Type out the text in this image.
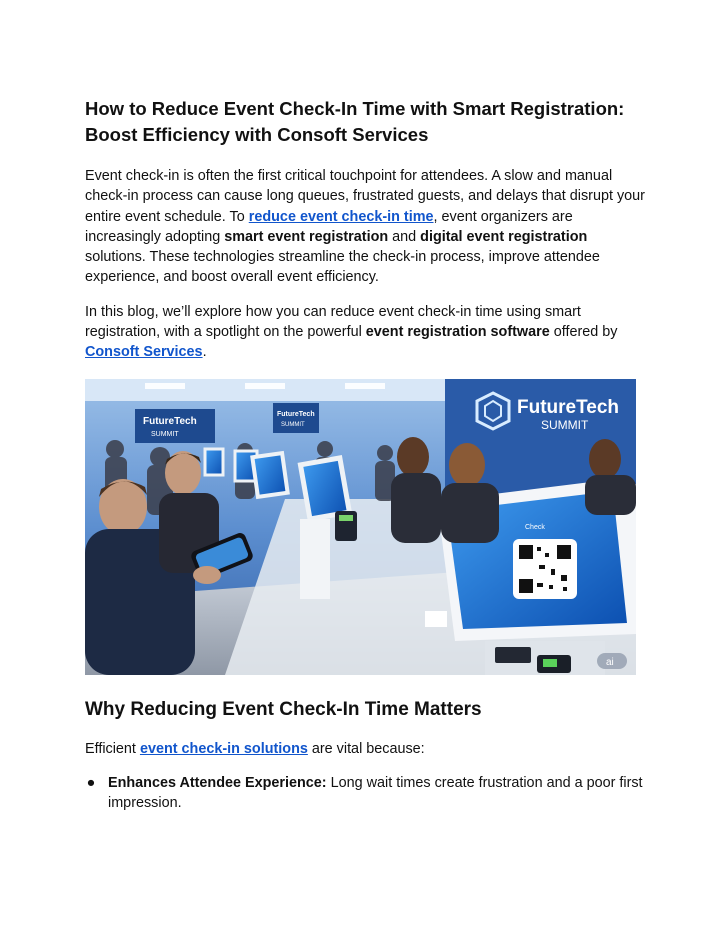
How to Reduce Event Check-In Time with Smart Registration: Boost Efficiency with Consoft Services

Event check-in is often the first critical touchpoint for attendees. A slow and manual check-in process can cause long queues, frustrated guests, and delays that disrupt your entire event schedule. To reduce event check-in time, event organizers are increasingly adopting smart event registration and digital event registration solutions. These technologies streamline the check-in process, improve attendee experience, and boost overall event efficiency.

In this blog, we’ll explore how you can reduce event check-in time using smart registration, with a spotlight on the powerful event registration software offered by Consoft Services.

FutureTech
SUMMIT
FutureTech
SUMMIT
FutureTech
SUMMIT
Check
ai
Why Reducing Event Check-In Time Matters

Efficient event check-in solutions are vital because:

● Enhances Attendee Experience: Long wait times create frustration and a poor first impression.
